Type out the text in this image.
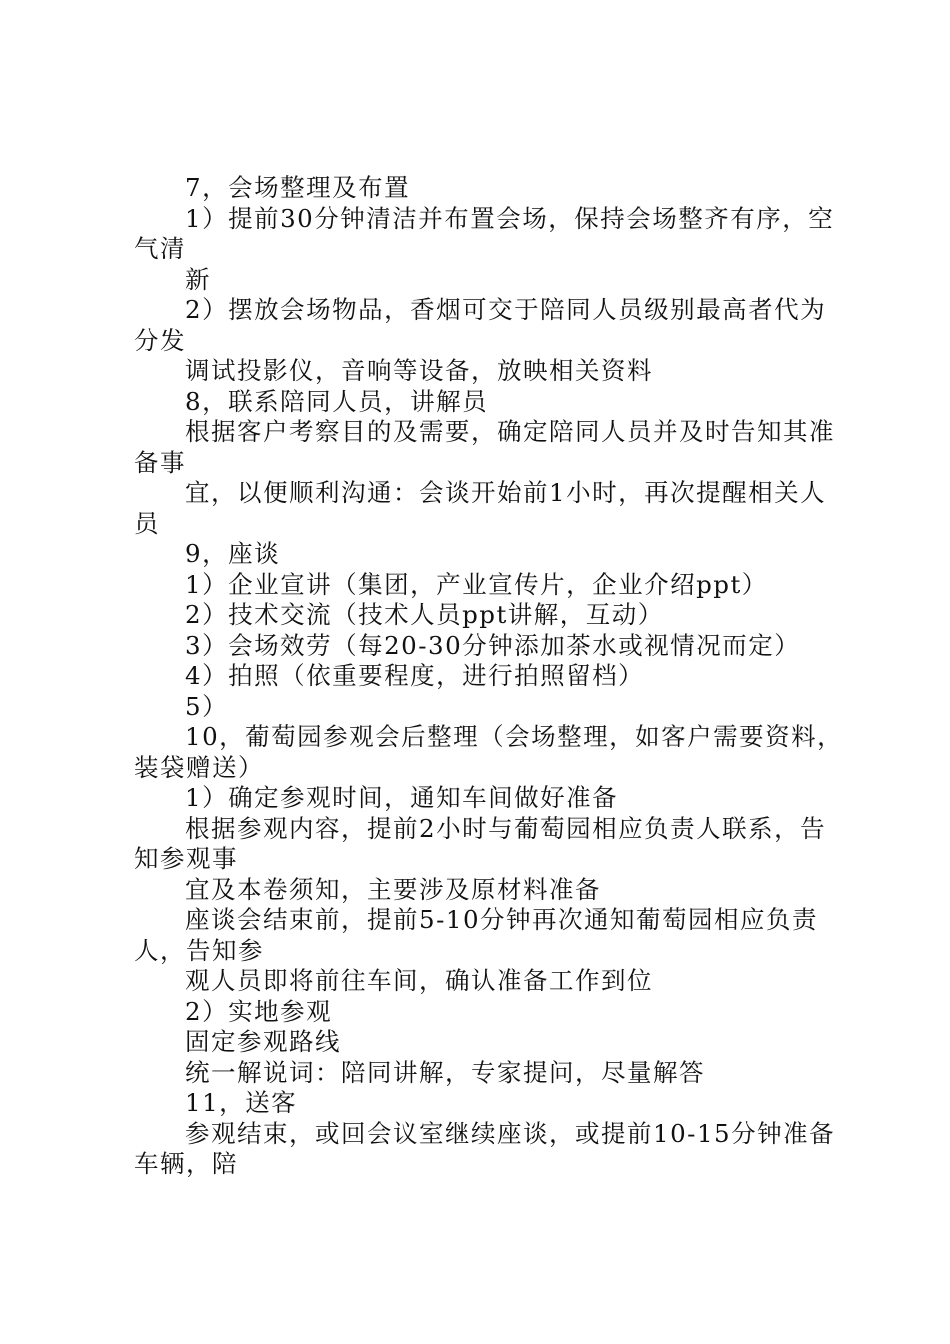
7，会场整理及布置
1）提前30分钟清洁并布置会场，保持会场整齐有序，空
气清
新
2）摆放会场物品，香烟可交于陪同人员级别最高者代为
分发
调试投影仪，音响等设备，放映相关资料
8，联系陪同人员，讲解员
根据客户考察目的及需要，确定陪同人员并及时告知其准
备事
宜，以便顺利沟通：会谈开始前1小时，再次提醒相关人
员
9，座谈
1）企业宣讲（集团，产业宣传片，企业介绍ppt）
2）技术交流（技术人员ppt讲解，互动）
3）会场效劳（每20-30分钟添加茶水或视情况而定）
4）拍照（依重要程度，进行拍照留档）
5）
10，葡萄园参观会后整理（会场整理，如客户需要资料，
装袋赠送）
1）确定参观时间，通知车间做好准备
根据参观内容，提前2小时与葡萄园相应负责人联系，告
知参观事
宜及本卷须知，主要涉及原材料准备
座谈会结束前，提前5-10分钟再次通知葡萄园相应负责
人，告知参
观人员即将前往车间，确认准备工作到位
2）实地参观
固定参观路线
统一解说词：陪同讲解，专家提问，尽量解答
11，送客
参观结束，或回会议室继续座谈，或提前10-15分钟准备
车辆，陪
